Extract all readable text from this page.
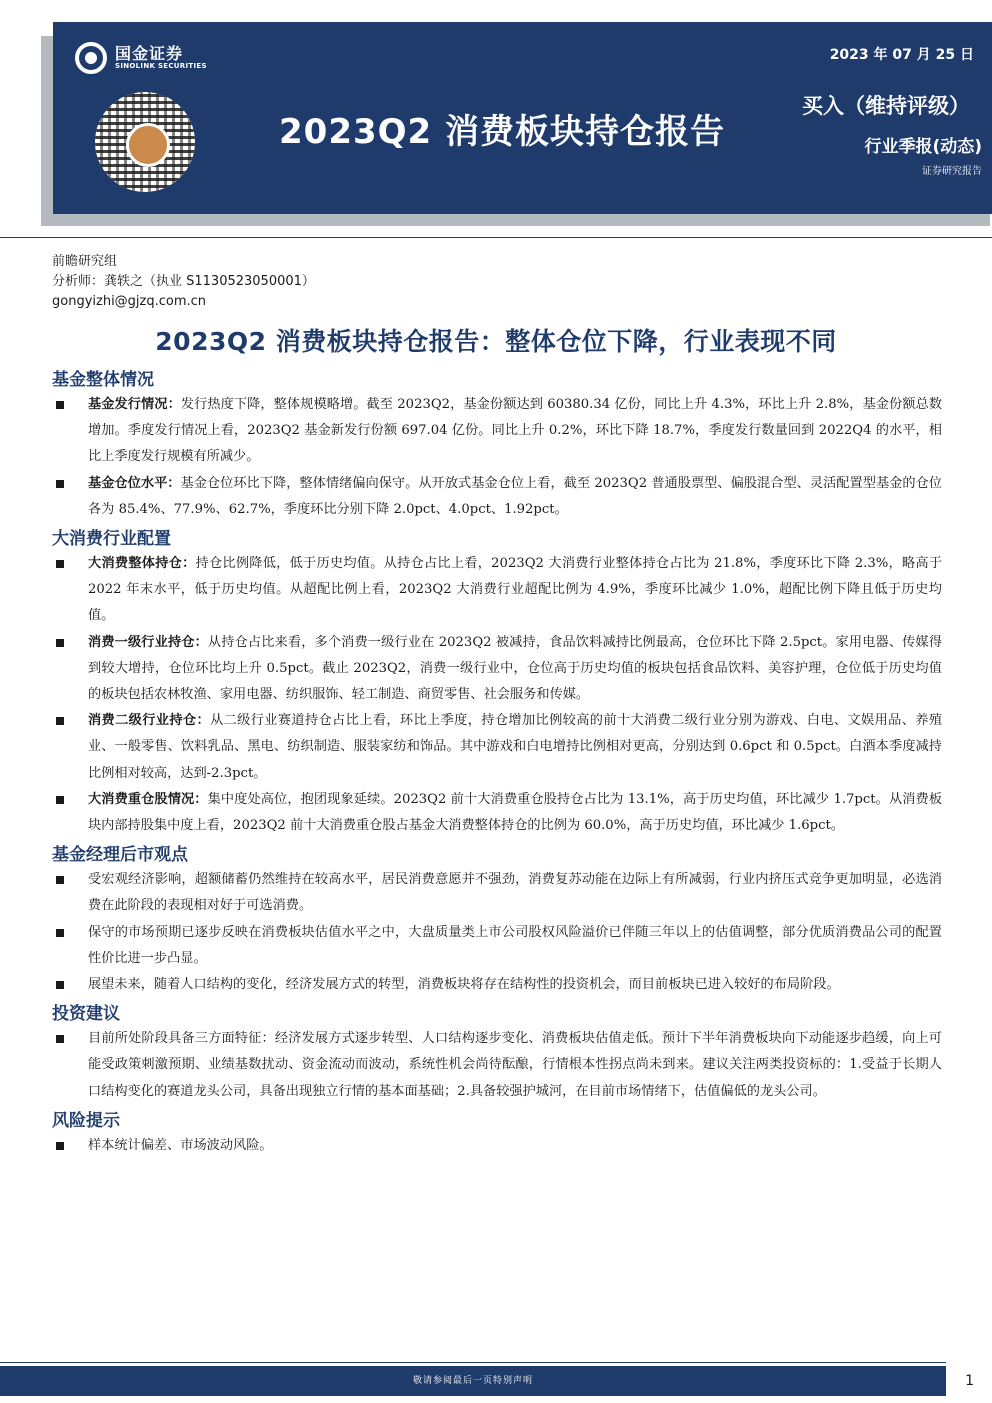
国金证券
SINOLINK SECURITIES
2023Q2 消费板块持仓报告
2023 年 07 月 25 日
买入（维持评级）
行业季报(动态)
证券研究报告
前瞻研究组
分析师：龚轶之（执业 S1130523050001）
gongyizhi@gjzq.com.cn
2023Q2 消费板块持仓报告：整体仓位下降，行业表现不同
基金整体情况
基金发行情况：发行热度下降，整体规模略增。截至 2023Q2，基金份额达到 60380.34 亿份，同比上升 4.3%，环比上升 2.8%，基金份额总数增加。季度发行情况上看，2023Q2 基金新发行份额 697.04 亿份。同比上升 0.2%，环比下降 18.7%，季度发行数量回到 2022Q4 的水平，相比上季度发行规模有所减少。
基金仓位水平：基金仓位环比下降，整体情绪偏向保守。从开放式基金仓位上看，截至 2023Q2 普通股票型、偏股混合型、灵活配置型基金的仓位各为 85.4%、77.9%、62.7%，季度环比分别下降 2.0pct、4.0pct、1.92pct。
大消费行业配置
大消费整体持仓：持仓比例降低，低于历史均值。从持仓占比上看，2023Q2 大消费行业整体持仓占比为 21.8%，季度环比下降 2.3%，略高于 2022 年末水平，低于历史均值。从超配比例上看，2023Q2 大消费行业超配比例为 4.9%，季度环比减少 1.0%，超配比例下降且低于历史均值。
消费一级行业持仓：从持仓占比来看，多个消费一级行业在 2023Q2 被减持，食品饮料减持比例最高，仓位环比下降 2.5pct。家用电器、传媒得到较大增持，仓位环比均上升 0.5pct。截止 2023Q2，消费一级行业中，仓位高于历史均值的板块包括食品饮料、美容护理，仓位低于历史均值的板块包括农林牧渔、家用电器、纺织服饰、轻工制造、商贸零售、社会服务和传媒。
消费二级行业持仓：从二级行业赛道持仓占比上看，环比上季度，持仓增加比例较高的前十大消费二级行业分别为游戏、白电、文娱用品、养殖业、一般零售、饮料乳品、黑电、纺织制造、服装家纺和饰品。其中游戏和白电增持比例相对更高，分别达到 0.6pct 和 0.5pct。白酒本季度减持比例相对较高，达到-2.3pct。
大消费重仓股情况：集中度处高位，抱团现象延续。2023Q2 前十大消费重仓股持仓占比为 13.1%，高于历史均值，环比减少 1.7pct。从消费板块内部持股集中度上看，2023Q2 前十大消费重仓股占基金大消费整体持仓的比例为 60.0%，高于历史均值，环比减少 1.6pct。
基金经理后市观点
受宏观经济影响，超额储蓄仍然维持在较高水平，居民消费意愿并不强劲，消费复苏动能在边际上有所减弱，行业内挤压式竞争更加明显，必选消费在此阶段的表现相对好于可选消费。
保守的市场预期已逐步反映在消费板块估值水平之中，大盘质量类上市公司股权风险溢价已伴随三年以上的估值调整，部分优质消费品公司的配置性价比进一步凸显。
展望未来，随着人口结构的变化，经济发展方式的转型，消费板块将存在结构性的投资机会，而目前板块已进入较好的布局阶段。
投资建议
目前所处阶段具备三方面特征：经济发展方式逐步转型、人口结构逐步变化、消费板块估值走低。预计下半年消费板块向下动能逐步趋缓，向上可能受政策刺激预期、业绩基数扰动、资金流动而波动，系统性机会尚待酝酿，行情根本性拐点尚未到来。建议关注两类投资标的：1.受益于长期人口结构变化的赛道龙头公司，具备出现独立行情的基本面基础；2.具备较强护城河，在目前市场情绪下，估值偏低的龙头公司。
风险提示
样本统计偏差、市场波动风险。
敬请参阅最后一页特别声明	1
